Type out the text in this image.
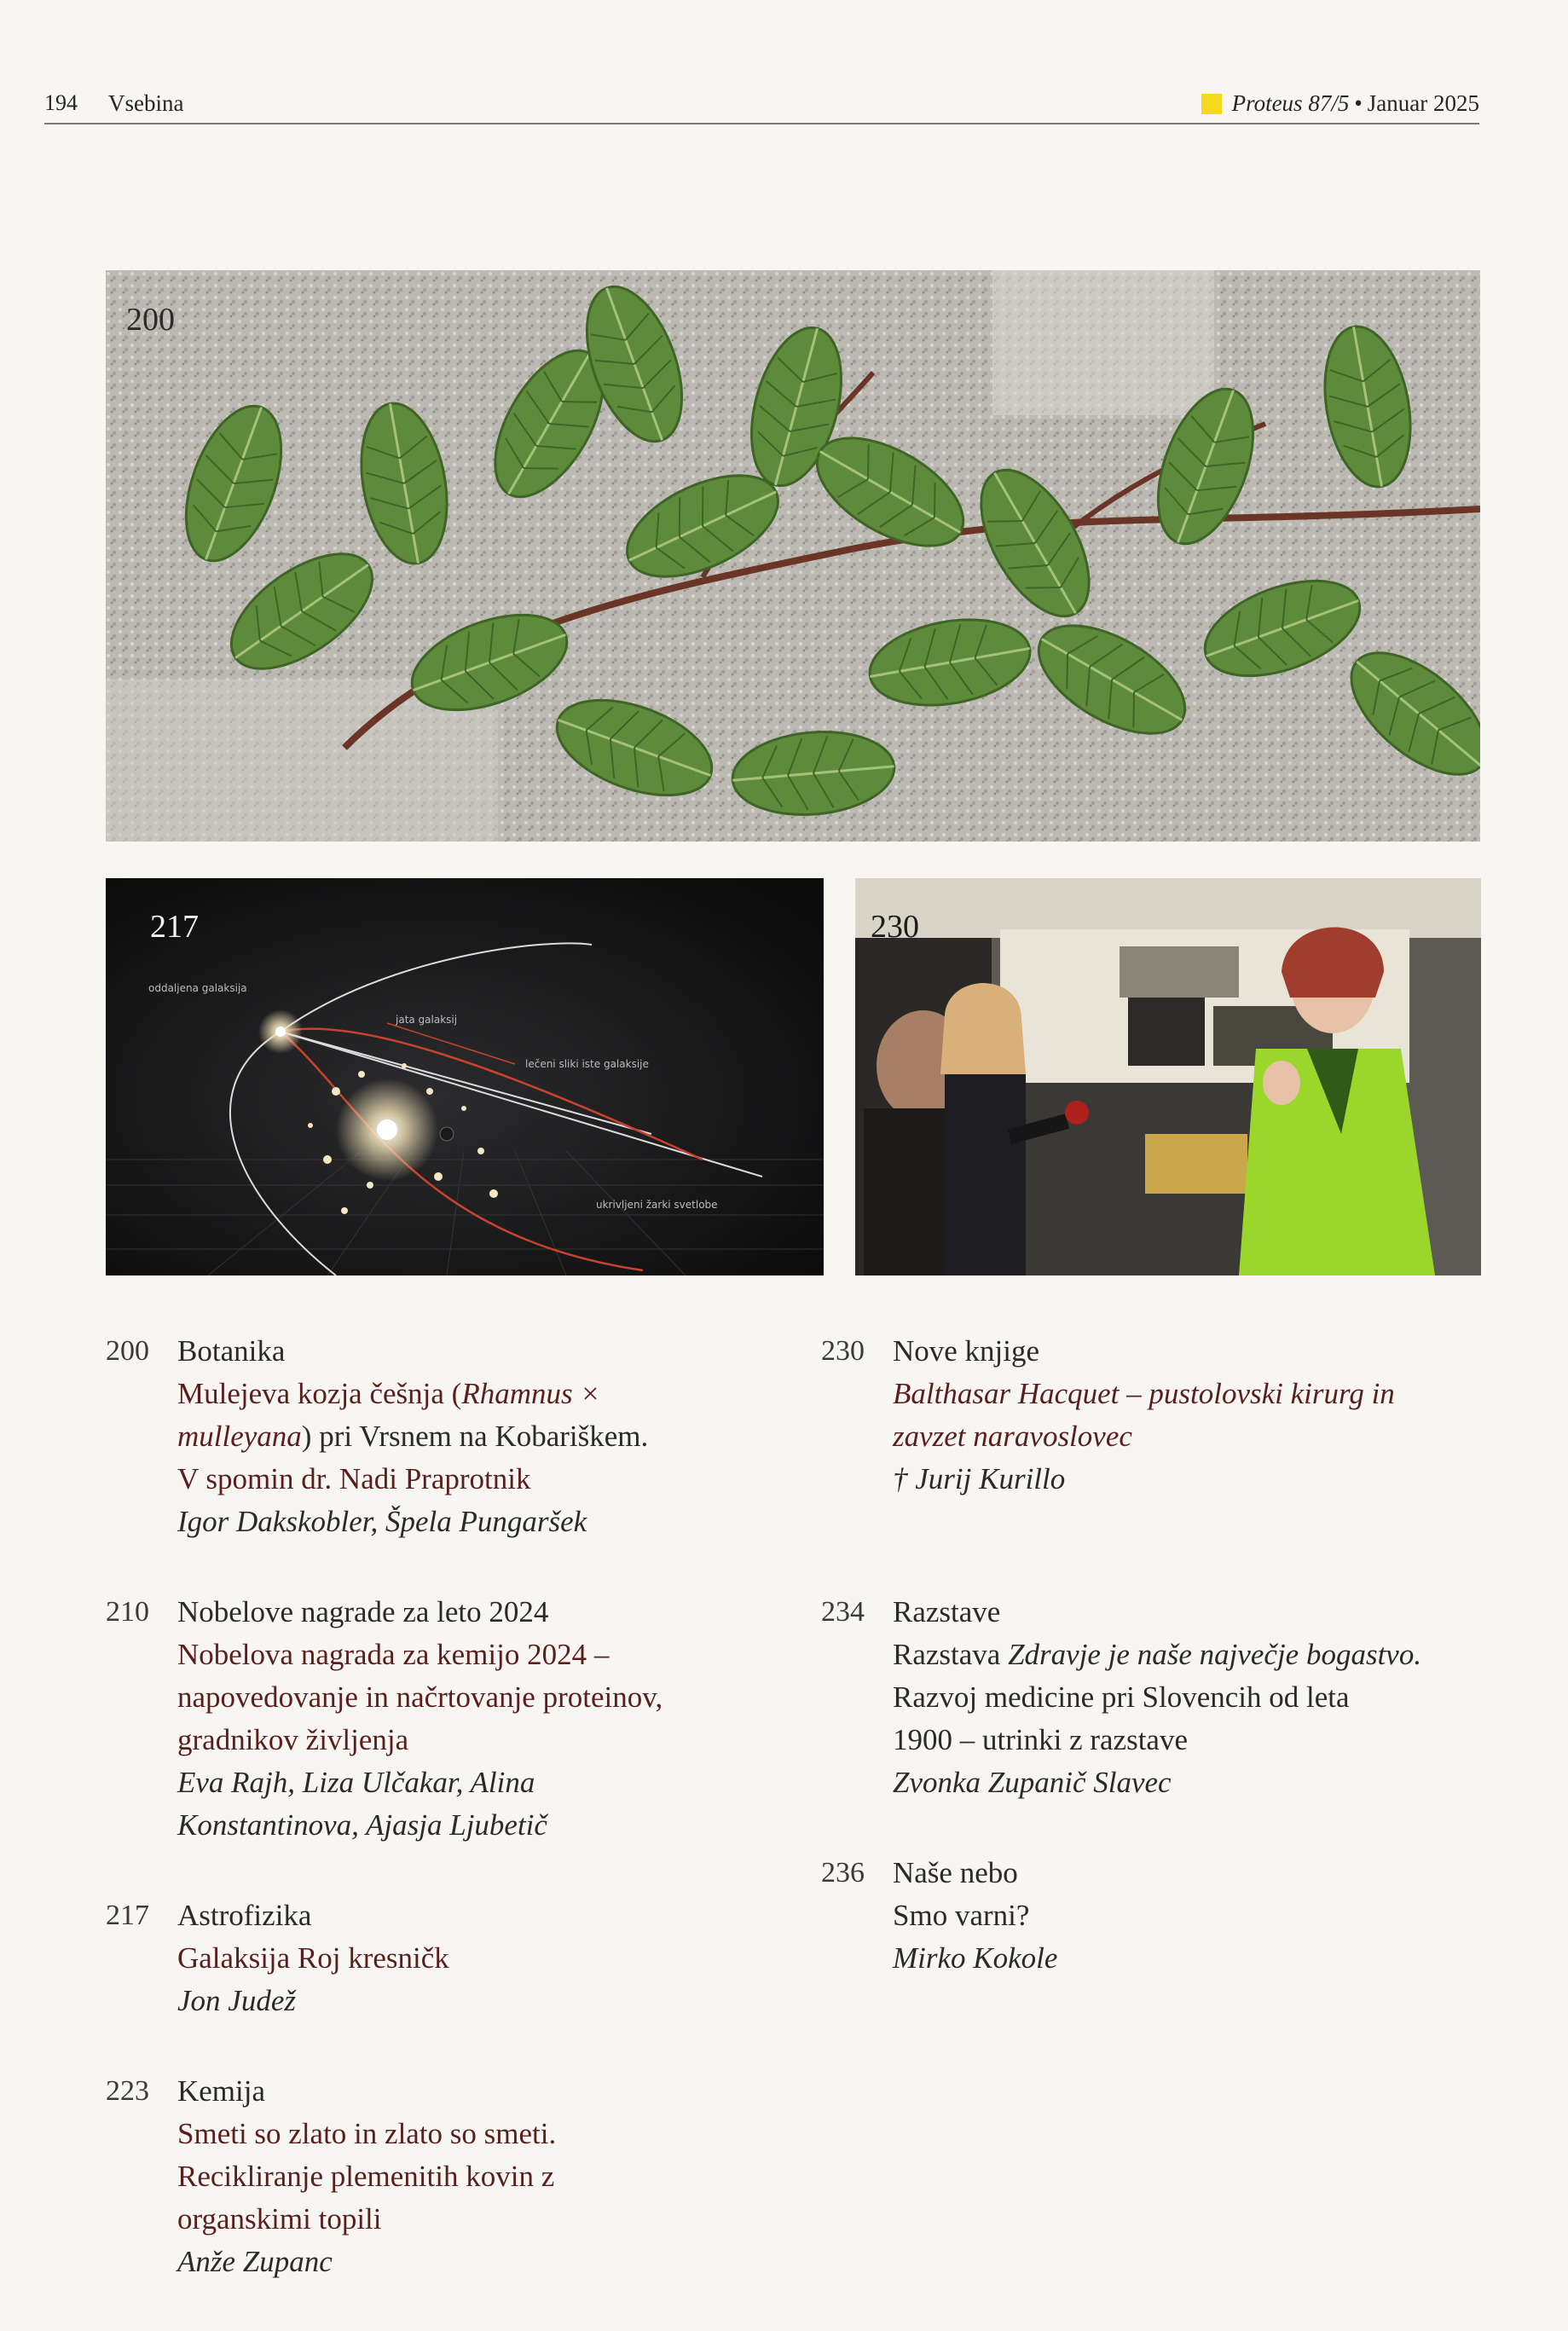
194 Vsebina	Proteus 87/5 • Januar 2025
200
oddaljena galaksija
jata galaksij
lečeni sliki iste galaksije
ukrivljeni žarki svetlobe
217	230
200 Botanika
Mulejeva kozja češnja (Rhamnus ×
mulleyana) pri Vrsnem na Kobariškem.
V spomin dr. Nadi Praprotnik
Igor Dakskobler, Špela Pungaršek
210 Nobelove nagrade za leto 2024
Nobelova nagrada za kemijo 2024 –
napovedovanje in načrtovanje proteinov,
gradnikov življenja
Eva Rajh, Liza Ulčakar, Alina
Konstantinova, Ajasja Ljubetič
217 Astrofizika
Galaksija Roj kresničk
Jon Judež
223 Kemija
Smeti so zlato in zlato so smeti.
Recikliranje plemenitih kovin z
organskimi topili
Anže Zupanc
230 Nove knjige
Balthasar Hacquet – pustolovski kirurg in
zavzet naravoslovec
† Jurij Kurillo
234 Razstave
Razstava Zdravje je naše največje bogastvo.
Razvoj medicine pri Slovencih od leta
1900 – utrinki z razstave
Zvonka Zupanič Slavec
236 Naše nebo
Smo varni?
Mirko Kokole
